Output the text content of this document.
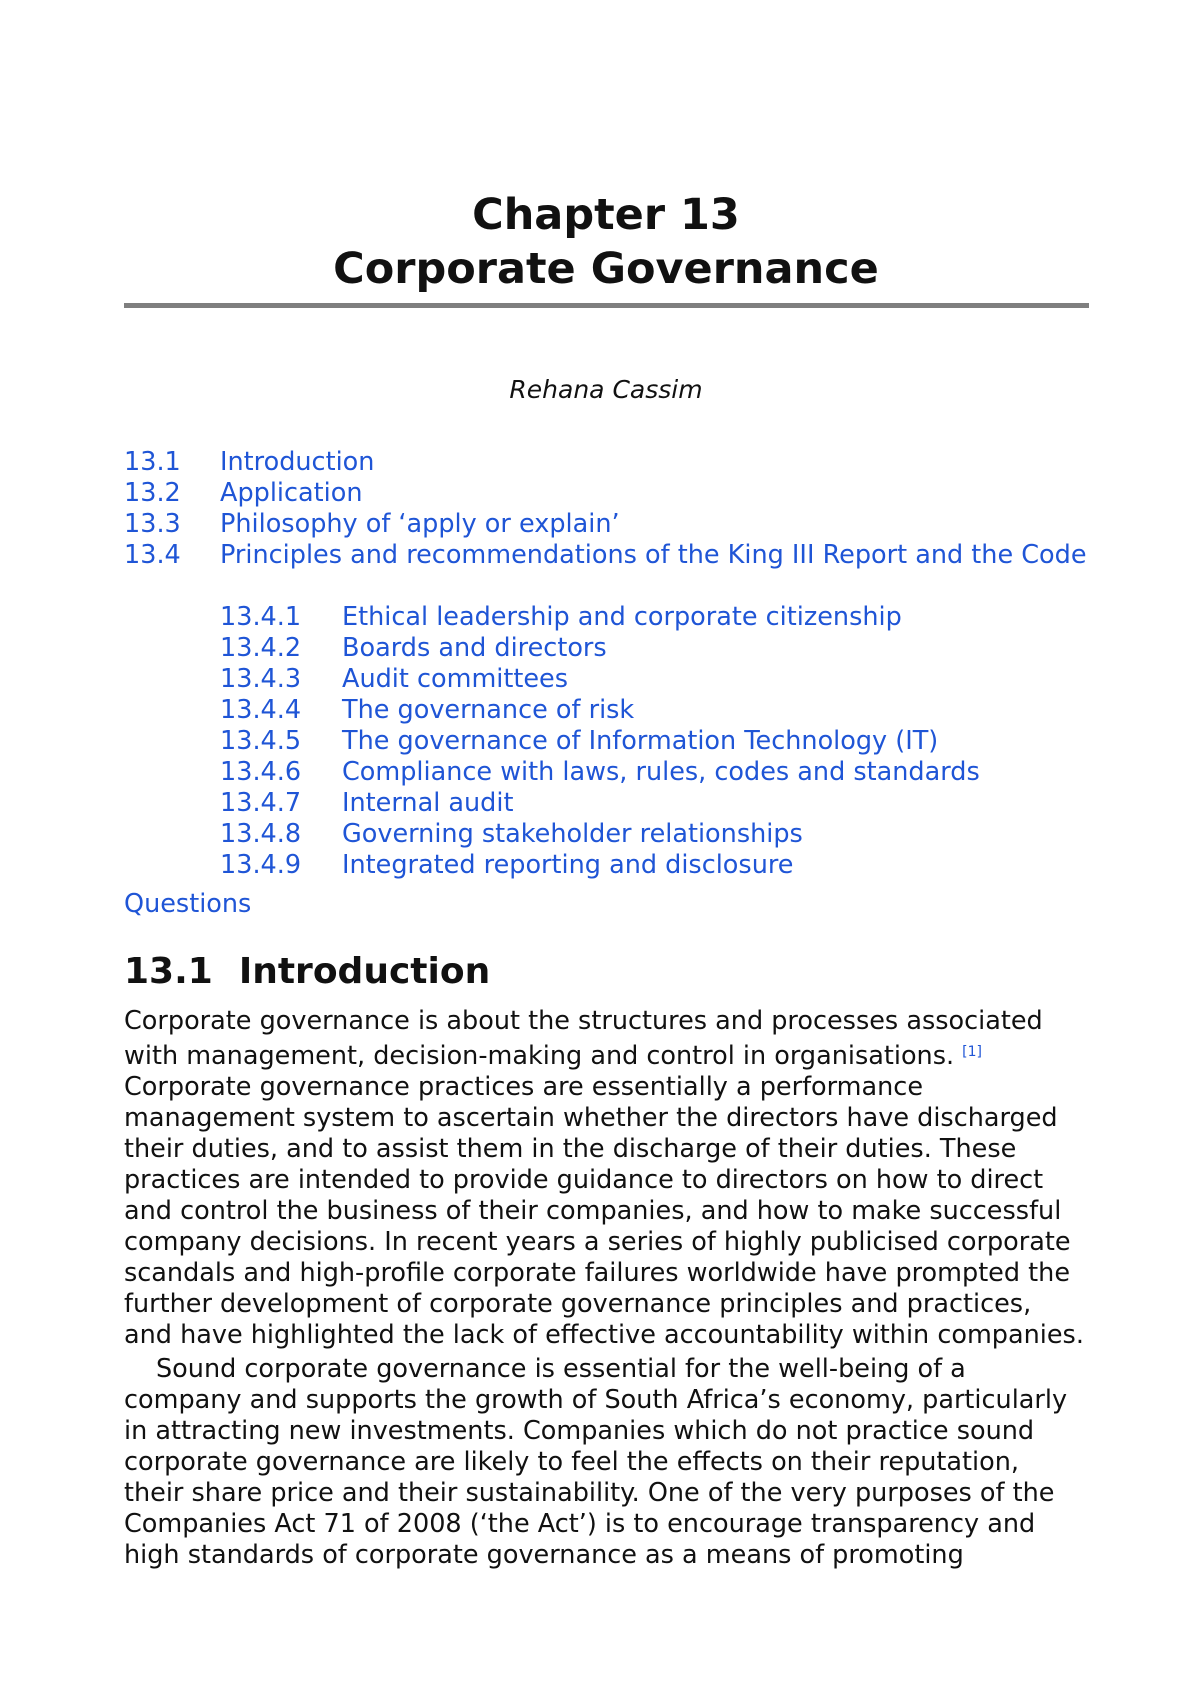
Chapter 13
Corporate Governance
Rehana Cassim
13.1 Introduction
13.2 Application
13.3 Philosophy of ‘apply or explain’
13.4 Principles and recommendations of the King III Report and the Code
13.4.1 Ethical leadership and corporate citizenship
13.4.2 Boards and directors
13.4.3 Audit committees
13.4.4 The governance of risk
13.4.5 The governance of Information Technology (IT)
13.4.6 Compliance with laws, rules, codes and standards
13.4.7 Internal audit
13.4.8 Governing stakeholder relationships
13.4.9 Integrated reporting and disclosure
Questions
13.1 Introduction

Corporate governance is about the structures and processes associated
with management, decision-making and control in organisations. [1]
Corporate governance practices are essentially a performance
management system to ascertain whether the directors have discharged
their duties, and to assist them in the discharge of their duties. These
practices are intended to provide guidance to directors on how to direct
and control the business of their companies, and how to make successful
company decisions. In recent years a series of highly publicised corporate
scandals and high-profile corporate failures worldwide have prompted the
further development of corporate governance principles and practices,
and have highlighted the lack of effective accountability within companies.

Sound corporate governance is essential for the well-being of a
company and supports the growth of South Africa’s economy, particularly
in attracting new investments. Companies which do not practice sound
corporate governance are likely to feel the effects on their reputation,
their share price and their sustainability. One of the very purposes of the
Companies Act 71 of 2008 (‘the Act’) is to encourage transparency and
high standards of corporate governance as a means of promoting
